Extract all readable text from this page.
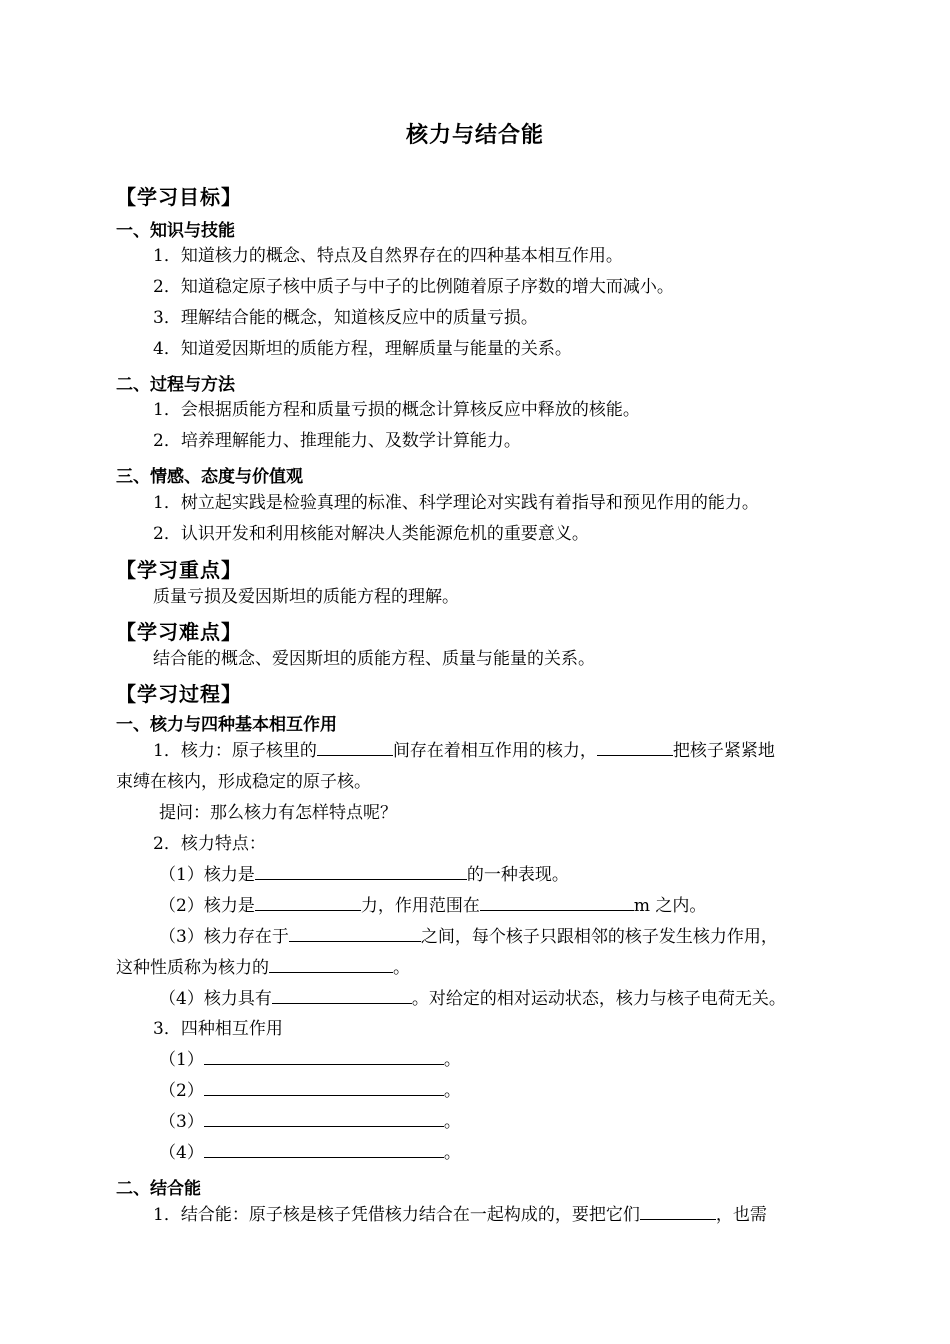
核力与结合能
【学习目标】
一、知识与技能
1．知道核力的概念、特点及自然界存在的四种基本相互作用。
2．知道稳定原子核中质子与中子的比例随着原子序数的增大而减小。
3．理解结合能的概念，知道核反应中的质量亏损。
4．知道爱因斯坦的质能方程，理解质量与能量的关系。
二、过程与方法
1．会根据质能方程和质量亏损的概念计算核反应中释放的核能。
2．培养理解能力、推理能力、及数学计算能力。
三、情感、态度与价值观
1．树立起实践是检验真理的标准、科学理论对实践有着指导和预见作用的能力。
2．认识开发和利用核能对解决人类能源危机的重要意义。
【学习重点】
质量亏损及爱因斯坦的质能方程的理解。
【学习难点】
结合能的概念、爱因斯坦的质能方程、质量与能量的关系。
【学习过程】
一、核力与四种基本相互作用
1．核力：原子核里的	间存在着相互作用的核力，	把核子紧紧地
束缚在核内，形成稳定的原子核。
提问：那么核力有怎样特点呢？
2．核力特点：
（1）核力是	的一种表现。
（2）核力是	力，作用范围在	m 之内。
（3）核力存在于	之间，每个核子只跟相邻的核子发生核力作用，
这种性质称为核力的	。
（4）核力具有	。对给定的相对运动状态，核力与核子电荷无关。
3．四种相互作用
（1）	。
（2）	。
（3）	。
（4）	。
二、结合能
1．结合能：原子核是核子凭借核力结合在一起构成的，要把它们	，也需
